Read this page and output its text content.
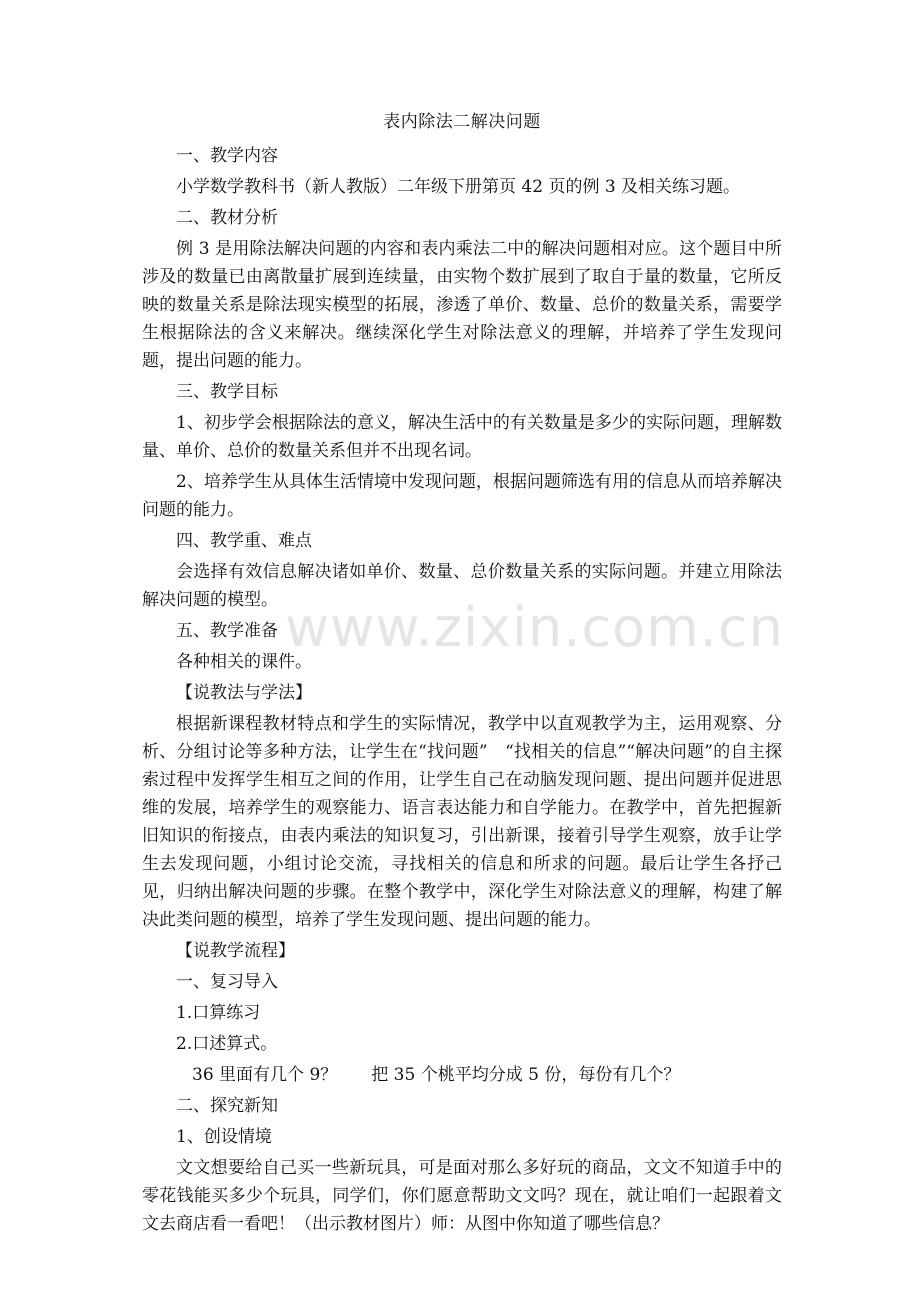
表内除法二解决问题
一、教学内容
小学数学教科书（新人教版）二年级下册第页 42 页的例 3 及相关练习题。
二、教材分析
例 3 是用除法解决问题的内容和表内乘法二中的解决问题相对应。这个题目中所涉及的数量已由离散量扩展到连续量，由实物个数扩展到了取自于量的数量，它所反映的数量关系是除法现实模型的拓展，渗透了单价、数量、总价的数量关系，需要学生根据除法的含义来解决。继续深化学生对除法意义的理解，并培养了学生发现问题，提出问题的能力。
三、教学目标
1、初步学会根据除法的意义，解决生活中的有关数量是多少的实际问题，理解数量、单价、总价的数量关系但并不出现名词。
2、培养学生从具体生活情境中发现问题，根据问题筛选有用的信息从而培养解决问题的能力。
四、教学重、难点
会选择有效信息解决诸如单价、数量、总价数量关系的实际问题。并建立用除法解决问题的模型。
五、教学准备
各种相关的课件。
【说教法与学法】
根据新课程教材特点和学生的实际情况，教学中以直观教学为主，运用观察、分析、分组讨论等多种方法，让学生在“找问题”　“找相关的信息”“解决问题”的自主探索过程中发挥学生相互之间的作用，让学生自己在动脑发现问题、提出问题并促进思维的发展，培养学生的观察能力、语言表达能力和自学能力。在教学中，首先把握新旧知识的衔接点，由表内乘法的知识复习，引出新课，接着引导学生观察，放手让学生去发现问题，小组讨论交流，寻找相关的信息和所求的问题。最后让学生各抒己见，归纳出解决问题的步骤。在整个教学中，深化学生对除法意义的理解，构建了解决此类问题的模型，培养了学生发现问题、提出问题的能力。
【说教学流程】
一、复习导入
1.口算练习
2.口述算式。
36 里面有几个 9？　　把 35 个桃平均分成 5 份，每份有几个？
二、探究新知
1、创设情境
文文想要给自己买一些新玩具，可是面对那么多好玩的商品，文文不知道手中的零花钱能买多少个玩具，同学们，你们愿意帮助文文吗？现在，就让咱们一起跟着文文去商店看一看吧！（出示教材图片）师：从图中你知道了哪些信息？
www.zixin.com.cn
